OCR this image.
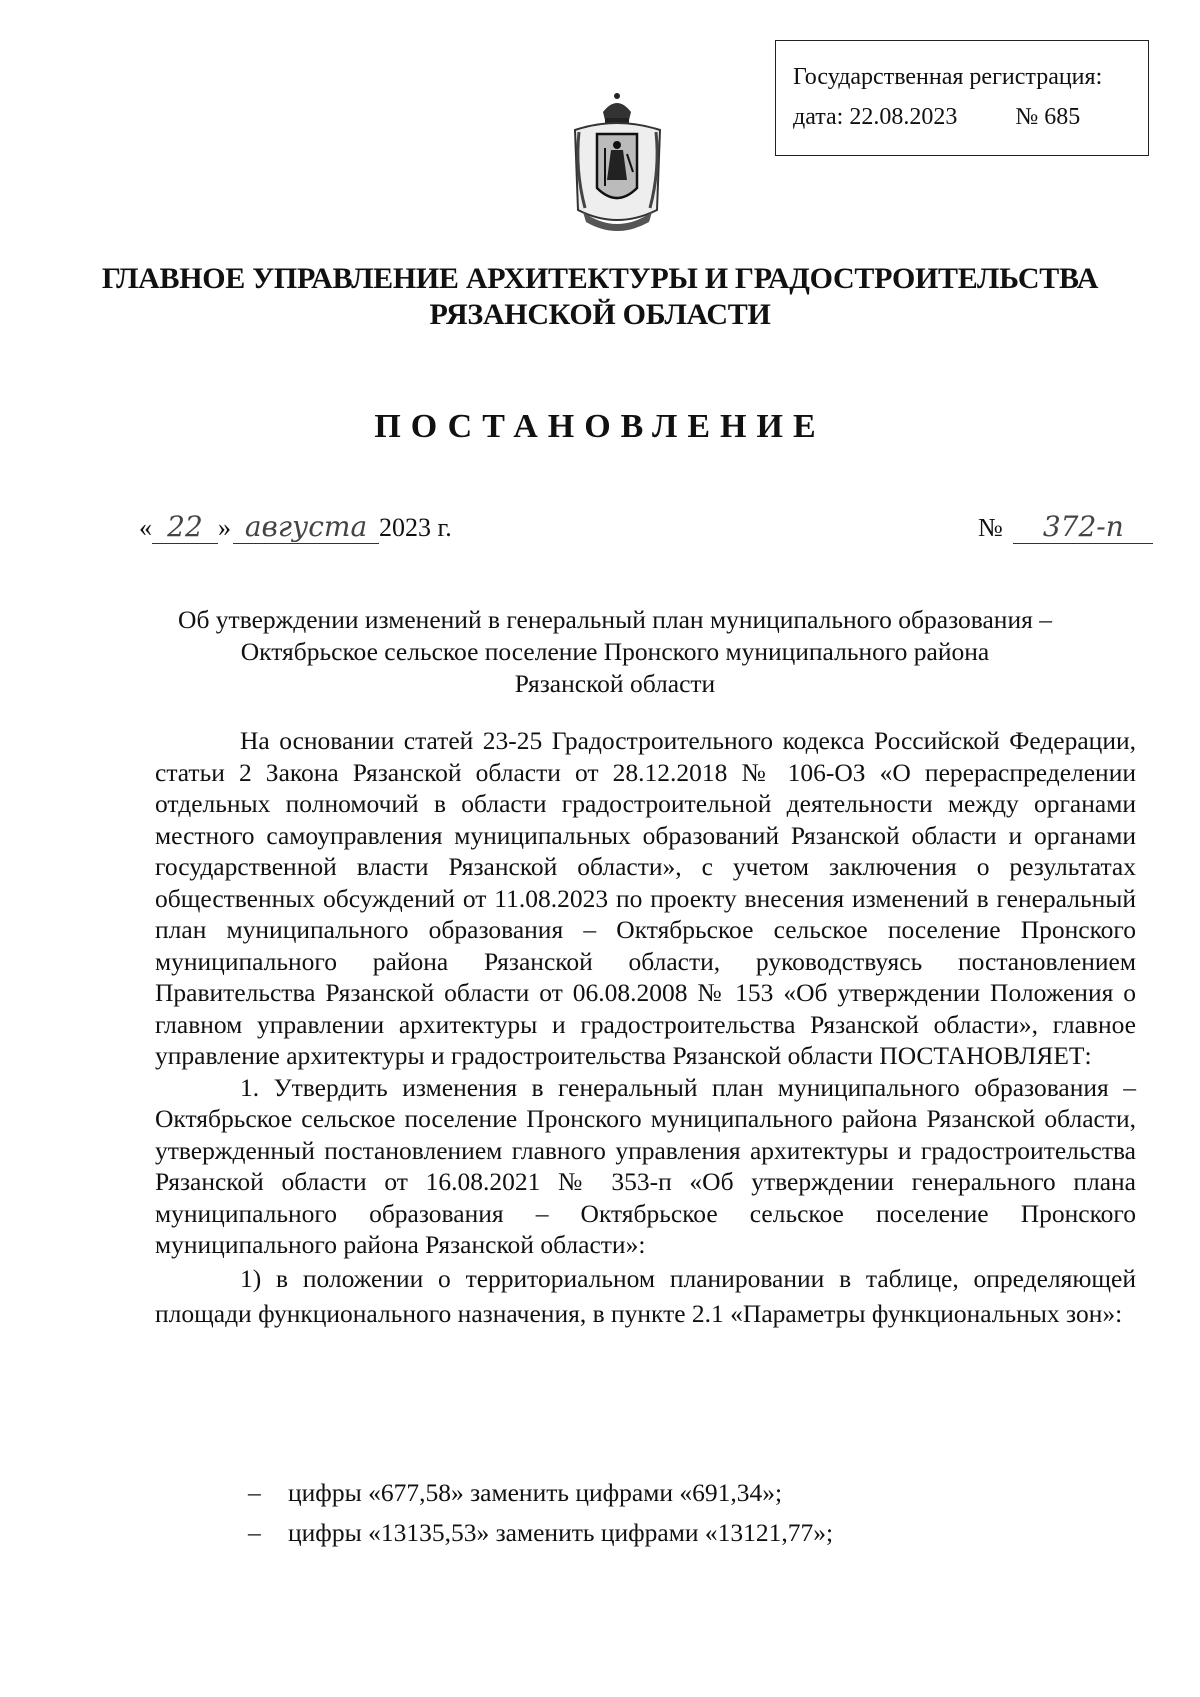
Государственная регистрация:
дата: 22.08.2023 № 685
ГЛАВНОЕ УПРАВЛЕНИЕ АРХИТЕКТУРЫ И ГРАДОСТРОИТЕЛЬСТВА
РЯЗАНСКОЙ ОБЛАСТИ
ПОСТАНОВЛЕНИЕ
« 22 » августа 2023 г.	№ 372-п
Об утверждении изменений в генеральный план муниципального образования –
Октябрьское сельское поселение Пронского муниципального района
Рязанской области

На основании статей 23-25 Градостроительного кодекса Российской Федерации, статьи 2 Закона Рязанской области от 28.12.2018 № 106-ОЗ «О перераспределении отдельных полномочий в области градостроительной деятельности между органами местного самоуправления муниципальных образований Рязанской области и органами государственной власти Рязанской области», с учетом заключения о результатах общественных обсуждений от 11.08.2023 по проекту внесения изменений в генеральный план муниципального образования – Октябрьское сельское поселение Пронского муниципального района Рязанской области, руководствуясь постановлением Правительства Рязанской области от 06.08.2008 № 153 «Об утверждении Положения о главном управлении архитектуры и градостроительства Рязанской области», главное управление архитектуры и градостроительства Рязанской области ПОСТАНОВЛЯЕТ:

1. Утвердить изменения в генеральный план муниципального образования – Октябрьское сельское поселение Пронского муниципального района Рязанской области, утвержденный постановлением главного управления архитектуры и градостроительства Рязанской области от 16.08.2021 № 353-п «Об утверждении генерального плана муниципального образования – Октябрьское сельское поселение Пронского муниципального района Рязанской области»:

1) в положении о территориальном планировании в таблице, определяющей площади функционального назначения, в пункте 2.1 «Параметры функциональных зон»:

– цифры «677,58» заменить цифрами «691,34»;
– цифры «13135,53» заменить цифрами «13121,77»;
